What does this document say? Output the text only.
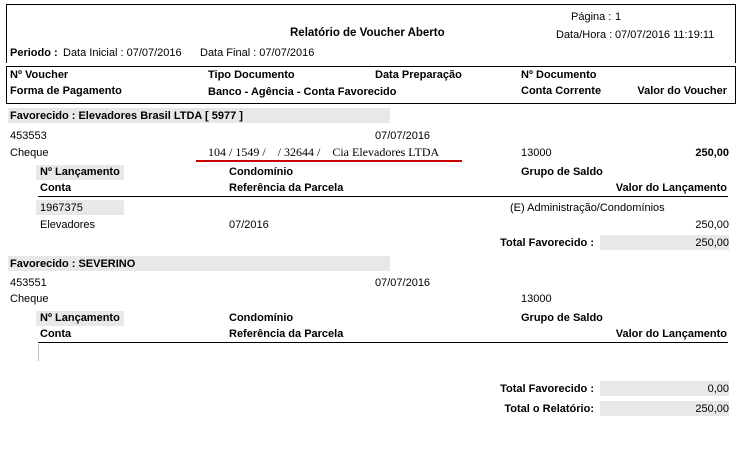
Página : 1
Relatório de Voucher Aberto	Data/Hora : 07/07/2016 11:19:11
Periodo : Data Inicial : 07/07/2016 Data Final : 07/07/2016
Nº Voucher	Tipo Documento	Data Preparação	Nº Documento
Forma de Pagamento	Banco - Agência - Conta Favorecido	Conta Corrente	Valor do Voucher
Favorecido : Elevadores Brasil LTDA [ 5977 ]
453553	07/07/2016
Cheque	104 / 1549 /    / 32644 /    Cia Elevadores LTDA	13000	250,00
Nº Lançamento	Condomínio	Grupo de Saldo
Conta	Referência da Parcela	Valor do Lançamento
1967375	(E) Administração/Condomínios
Elevadores	07/2016	250,00
Total Favorecido :	250,00
Favorecido : SEVERINO
453551	07/07/2016
Cheque	13000
Nº Lançamento	Condomínio	Grupo de Saldo
Conta	Referência da Parcela	Valor do Lançamento
Total Favorecido :	0,00
Total o Relatório:	250,00
